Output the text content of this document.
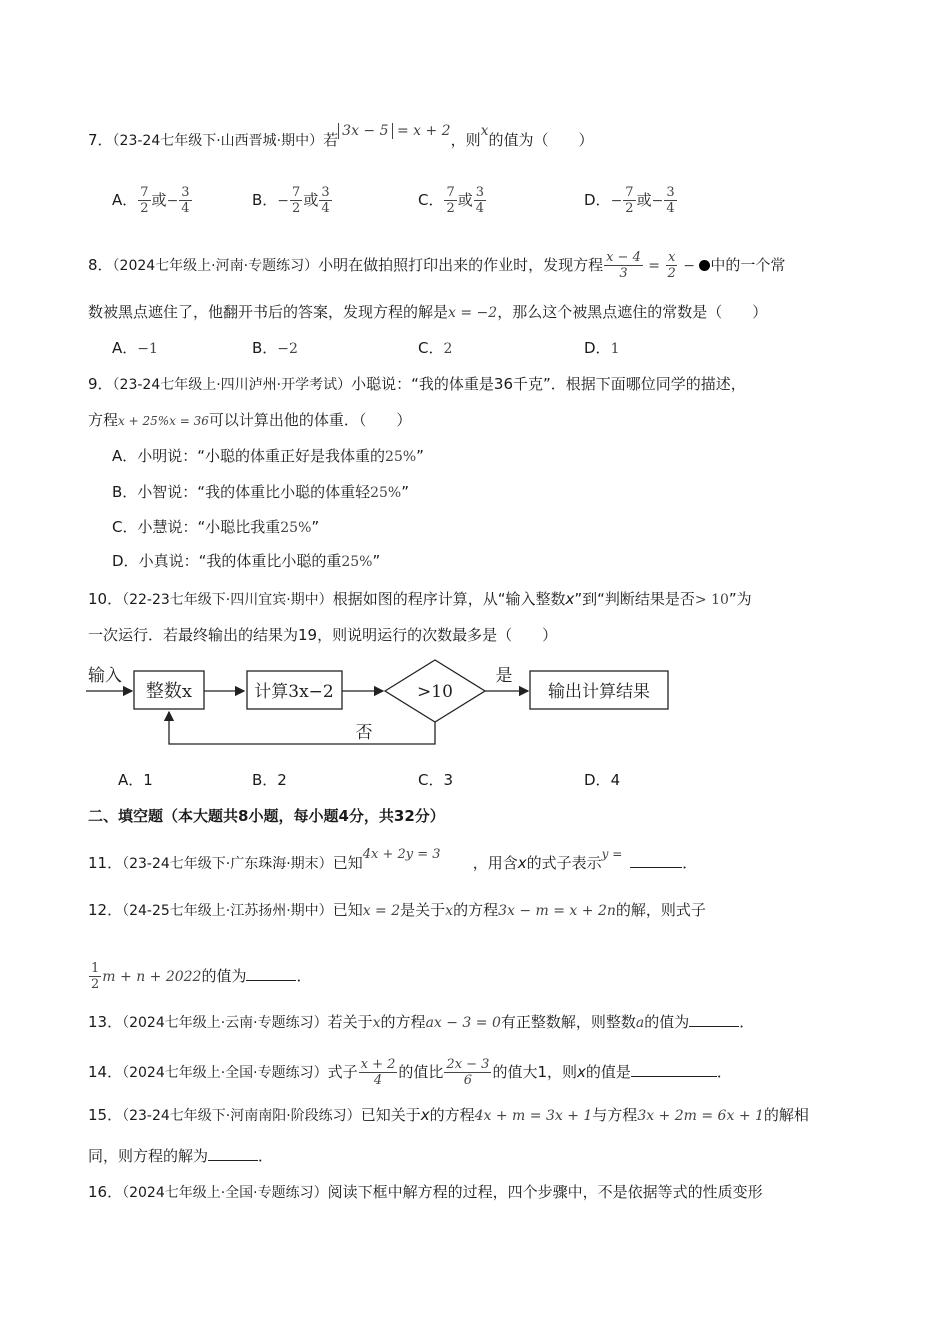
7．（23-24七年级下·山西晋城·期中）若 3x − 5 = x + 2，则x的值为（　　）
A． $\frac{7}{2}$ 或− $\frac{3}{4}$	B．− $\frac{7}{2}$ 或 $\frac{3}{4}$	C． $\frac{7}{2}$ 或 $\frac{3}{4}$	D．− $\frac{7}{2}$ 或− $\frac{3}{4}$
8．（2024七年级上·河南·专题练习）小明在做拍照打印出来的作业时，发现方程 $\frac{x - 4}{3} = \frac{x}{2}$ − 中的一个常
数被黑点遮住了，他翻开书后的答案，发现方程的解是x = −2，那么这个被黑点遮住的常数是（　　）
A．−1	B．−2	C．2	D．1
9．（23-24七年级上·四川泸州·开学考试）小聪说：“我的体重是36千克”．根据下面哪位同学的描述，
方程x + 25%x = 36可以计算出他的体重．（　　）
A．小明说：“小聪的体重正好是我体重的25%”
B．小智说：“我的体重比小聪的体重轻25%”
C．小慧说：“小聪比我重25%”
D．小真说：“我的体重比小聪的重25%”
10．（22-23七年级下·四川宜宾·期中）根据如图的程序计算，从“输入整数x”到“判断结果是否> 10”为
一次运行．若最终输出的结果为19，则说明运行的次数最多是（　　）
输入
整数x	计算3x−2	>10
是
输出计算结果
否
A．1	B．2	C．3	D．4
二、填空题（本大题共8小题，每小题4分，共32分）
11．（23-24七年级下·广东珠海·期末）已知4x + 2y = 3 ，用含x的式子表示$^{y =}$	．
12．（24-25七年级上·江苏扬州·期中）已知x = 2是关于x的方程3x − m = x + 2n的解，则式子
$\frac{1}{2}$ m + n + 2022的值为	．
13．（2024七年级上·云南·专题练习）若关于x的方程ax − 3 = 0有正整数解，则整数a的值为	．
14．（2024七年级上·全国·专题练习）式子 $\frac{x + 2}{4}$ 的值比 $\frac{2x - 3}{6}$ 的值大1，则x的值是	．
15．（23-24七年级下·河南南阳·阶段练习）已知关于x的方程4x + m = 3x + 1与方程3x + 2m = 6x + 1的解相
同，则方程的解为	．
16．（2024七年级上·全国·专题练习）阅读下框中解方程的过程，四个步骤中，不是依据等式的性质变形
